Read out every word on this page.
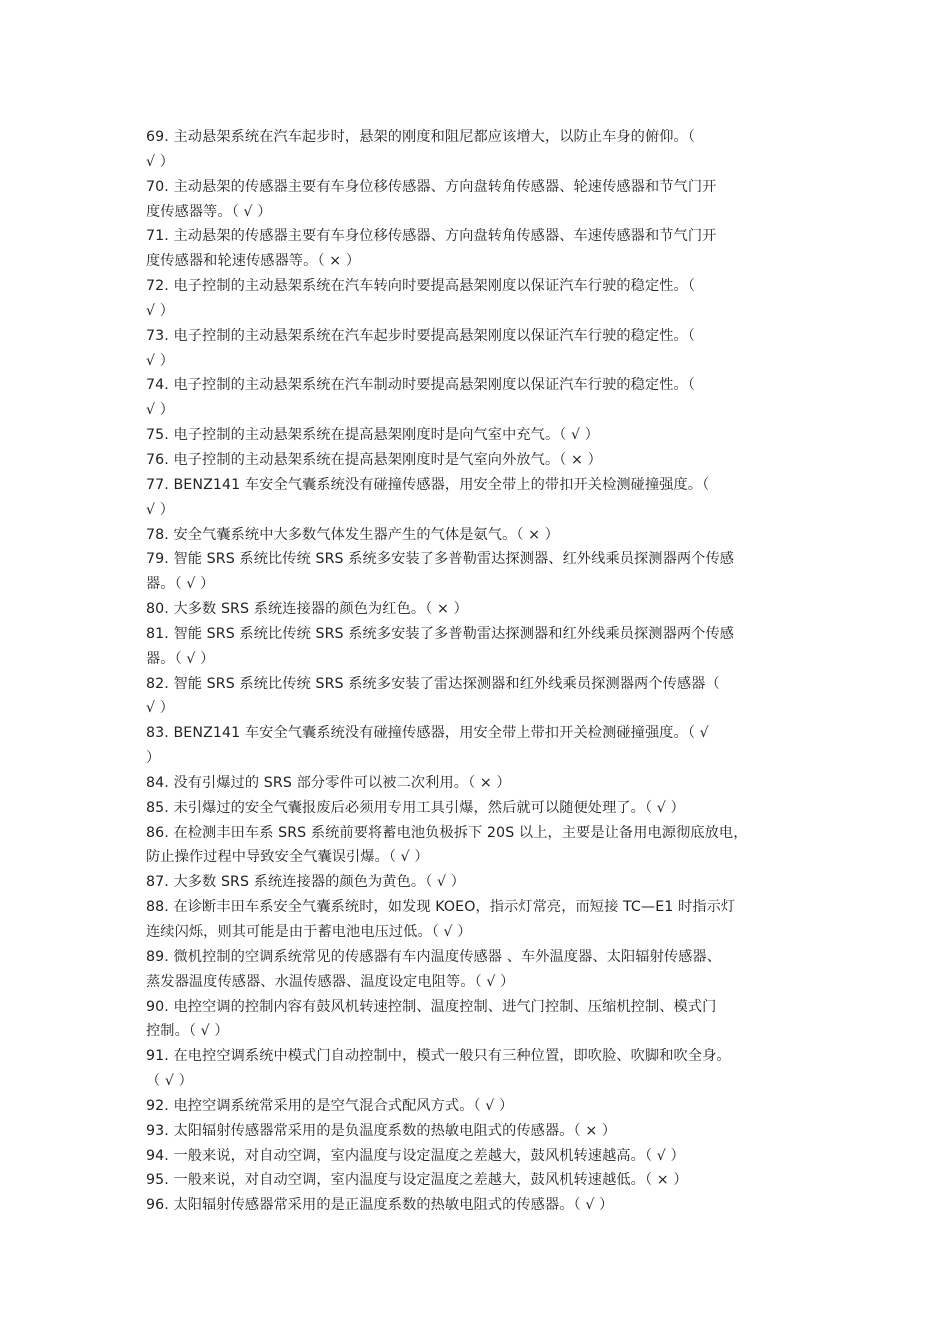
69. 主动悬架系统在汽车起步时，悬架的刚度和阻尼都应该增大，以防止车身的俯仰。（
√ ）
70. 主动悬架的传感器主要有车身位移传感器、方向盘转角传感器、轮速传感器和节气门开
度传感器等。（ √ ）
71. 主动悬架的传感器主要有车身位移传感器、方向盘转角传感器、车速传感器和节气门开
度传感器和轮速传感器等。（ × ）
72. 电子控制的主动悬架系统在汽车转向时要提高悬架刚度以保证汽车行驶的稳定性。（
√ ）
73. 电子控制的主动悬架系统在汽车起步时要提高悬架刚度以保证汽车行驶的稳定性。（
√ ）
74. 电子控制的主动悬架系统在汽车制动时要提高悬架刚度以保证汽车行驶的稳定性。（
√ ）
75. 电子控制的主动悬架系统在提高悬架刚度时是向气室中充气。（ √ ）
76. 电子控制的主动悬架系统在提高悬架刚度时是气室向外放气。（ × ）
77. BENZ141 车安全气囊系统没有碰撞传感器，用安全带上的带扣开关检测碰撞强度。（
√ ）
78. 安全气囊系统中大多数气体发生器产生的气体是氨气。（ × ）
79. 智能 SRS 系统比传统 SRS 系统多安装了多普勒雷达探测器、红外线乘员探测器两个传感
器。（ √ ）
80. 大多数 SRS 系统连接器的颜色为红色。（ × ）
81. 智能 SRS 系统比传统 SRS 系统多安装了多普勒雷达探测器和红外线乘员探测器两个传感
器。（ √ ）
82. 智能 SRS 系统比传统 SRS 系统多安装了雷达探测器和红外线乘员探测器两个传感器（
√ ）
83. BENZ141 车安全气囊系统没有碰撞传感器，用安全带上带扣开关检测碰撞强度。（ √
）
84. 没有引爆过的 SRS 部分零件可以被二次利用。（ × ）
85. 未引爆过的安全气囊报废后必须用专用工具引爆，然后就可以随便处理了。（ √ ）
86. 在检测丰田车系 SRS 系统前要将蓄电池负极拆下 20S 以上，主要是让备用电源彻底放电，
防止操作过程中导致安全气囊误引爆。（ √ ）
87. 大多数 SRS 系统连接器的颜色为黄色。（ √ ）
88. 在诊断丰田车系安全气囊系统时，如发现 KOEO，指示灯常亮，而短接 TC—E1 时指示灯
连续闪烁，则其可能是由于蓄电池电压过低。（ √ ）
89. 微机控制的空调系统常见的传感器有车内温度传感器 、车外温度器、太阳辐射传感器、
蒸发器温度传感器、水温传感器、温度设定电阻等。（ √ ）
90. 电控空调的控制内容有鼓风机转速控制、温度控制、进气门控制、压缩机控制、模式门
控制。（ √ ）
91. 在电控空调系统中模式门自动控制中，模式一般只有三种位置，即吹脸、吹脚和吹全身。
（ √ ）
92. 电控空调系统常采用的是空气混合式配风方式。（ √ ）
93. 太阳辐射传感器常采用的是负温度系数的热敏电阻式的传感器。（ × ）
94. 一般来说，对自动空调，室内温度与设定温度之差越大，鼓风机转速越高。（ √ ）
95. 一般来说，对自动空调，室内温度与设定温度之差越大，鼓风机转速越低。（ × ）
96. 太阳辐射传感器常采用的是正温度系数的热敏电阻式的传感器。（ √ ）
